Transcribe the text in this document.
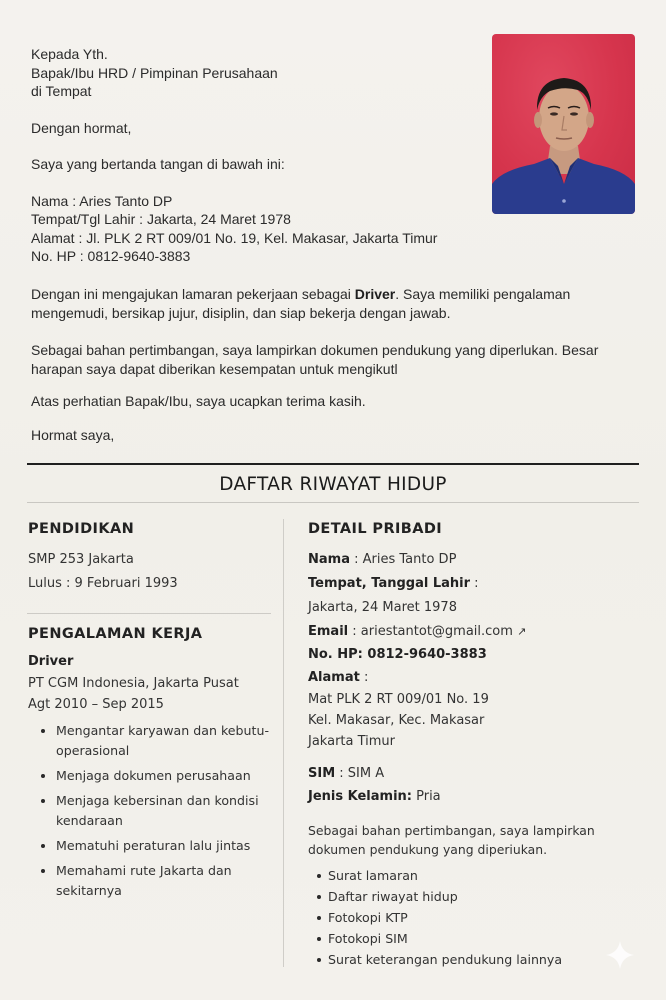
Kepada Yth.

Bapak/Ibu HRD / Pimpinan Perusahaan

di Tempat

Dengan hormat,

Saya yang bertanda tangan di bawah ini:

Nama : Aries Tanto DP

Tempat/Tgl Lahir : Jakarta, 24 Maret 1978

Alamat : Jl. PLK 2 RT 009/01 No. 19, Kel. Makasar, Jakarta Timur

No. HP : 0812-9640-3883

Dengan ini mengajukan lamaran pekerjaan sebagai Driver. Saya memiliki pengalaman
mengemudi, bersikap jujur, disiplin, dan siap bekerja dengan jawab.

Sebagai bahan pertimbangan, saya lampirkan dokumen pendukung yang diperlukan. Besar
harapan saya dapat diberikan kesempatan untuk mengikutl

Atas perhatian Bapak/Ibu, saya ucapkan terima kasih.

Hormat saya,

DAFTAR RIWAYAT HIDUP
PENDIDIKAN

SMP 253 Jakarta

Lulus : 9 Februari 1993

PENGALAMAN KERJA

Driver

PT CGM Indonesia, Jakarta Pusat

Agt 2010 – Sep 2015

Mengantar karyawan dan kebutu-
operasional
Menjaga dokumen perusahaan
Menjaga kebersinan dan kondisi
kendaraan
Mematuhi peraturan lalu jintas
Memahami rute Jakarta dan
sekitarnya
DETAIL PRIBADI

Nama : Aries Tanto DP

Tempat, Tanggal Lahir :

Jakarta, 24 Maret 1978

Email : ariestantot@gmail.com ↗

No. HP: 0812-9640-3883

Alamat :

Mat PLK 2 RT 009/01 No. 19

Kel. Makasar, Kec. Makasar

Jakarta Timur

SIM : SIM A

Jenis Kelamin: Pria

Sebagai bahan pertimbangan, saya lampirkan
dokumen pendukung yang diperiukan.

Surat lamaran
Daftar riwayat hidup
Fotokopi KTP
Fotokopi SIM
Surat keterangan pendukung lainnya
